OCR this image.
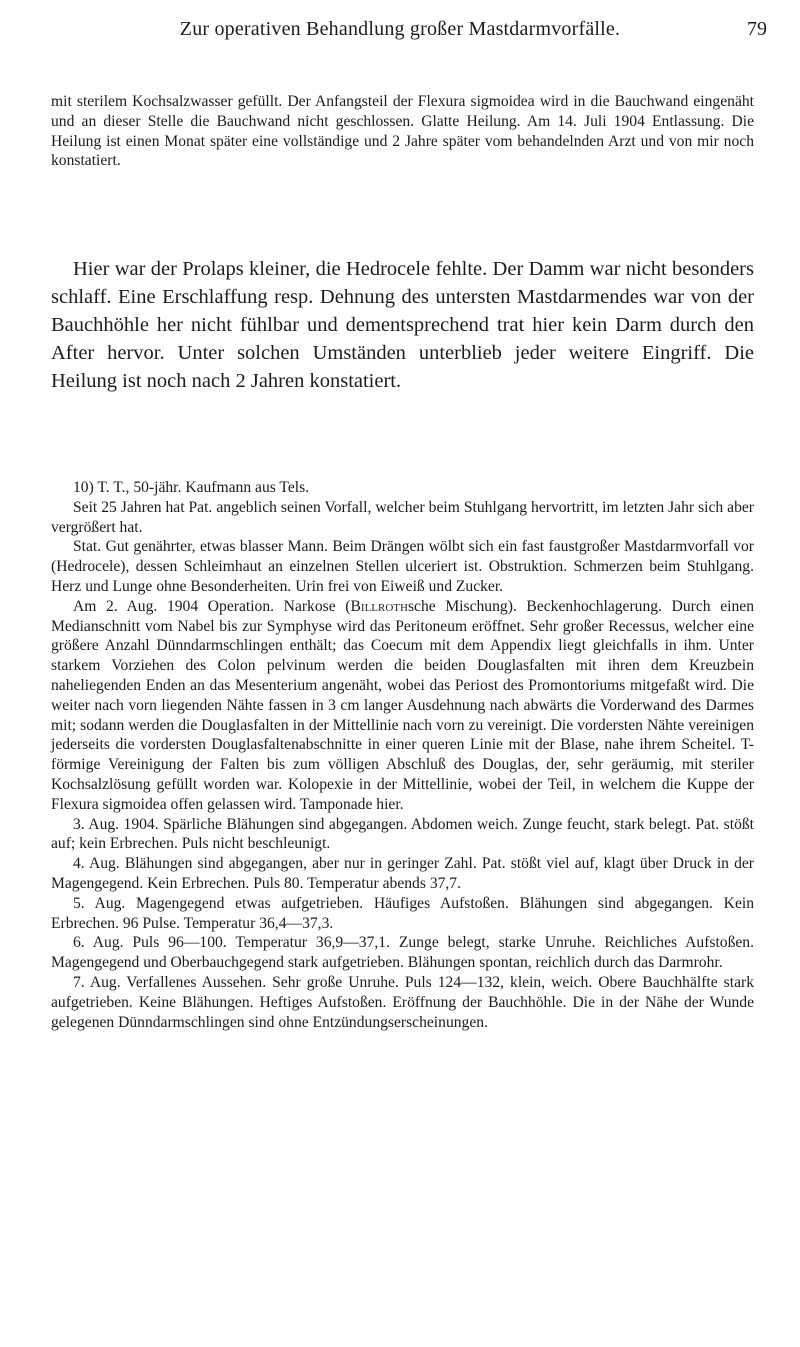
Zur operativen Behandlung großer Mastdarmvorfälle.	79

mit sterilem Kochsalzwasser gefüllt. Der Anfangsteil der Flexura sigmoidea wird in die Bauchwand eingenäht und an dieser Stelle die Bauchwand nicht geschlossen. Glatte Heilung. Am 14. Juli 1904 Entlassung. Die Heilung ist einen Monat später eine vollständige und 2 Jahre später vom behandelnden Arzt und von mir noch konstatiert.

Hier war der Prolaps kleiner, die Hedrocele fehlte. Der Damm war nicht besonders schlaff. Eine Erschlaffung resp. Dehnung des untersten Mastdarmendes war von der Bauchhöhle her nicht fühlbar und dementsprechend trat hier kein Darm durch den After hervor. Unter solchen Umständen unterblieb jeder weitere Eingriff. Die Heilung ist noch nach 2 Jahren konstatiert.

10) T. T., 50-jähr. Kaufmann aus Tels.

Seit 25 Jahren hat Pat. angeblich seinen Vorfall, welcher beim Stuhlgang hervortritt, im letzten Jahr sich aber vergrößert hat.

Stat. Gut genährter, etwas blasser Mann. Beim Drängen wölbt sich ein fast faustgroßer Mastdarmvorfall vor (Hedrocele), dessen Schleimhaut an einzelnen Stellen ulceriert ist. Obstruktion. Schmerzen beim Stuhlgang. Herz und Lunge ohne Besonderheiten. Urin frei von Eiweiß und Zucker.

Am 2. Aug. 1904 Operation. Narkose (Billrothsche Mischung). Beckenhochlagerung. Durch einen Medianschnitt vom Nabel bis zur Symphyse wird das Peritoneum eröffnet. Sehr großer Recessus, welcher eine größere Anzahl Dünndarmschlingen enthält; das Coecum mit dem Appendix liegt gleichfalls in ihm. Unter starkem Vorziehen des Colon pelvinum werden die beiden Douglasfalten mit ihren dem Kreuzbein naheliegenden Enden an das Mesenterium angenäht, wobei das Periost des Promontoriums mitgefaßt wird. Die weiter nach vorn liegenden Nähte fassen in 3 cm langer Ausdehnung nach abwärts die Vorderwand des Darmes mit; sodann werden die Douglasfalten in der Mittellinie nach vorn zu vereinigt. Die vordersten Nähte vereinigen jederseits die vordersten Douglasfaltenabschnitte in einer queren Linie mit der Blase, nahe ihrem Scheitel. T-förmige Vereinigung der Falten bis zum völligen Abschluß des Douglas, der, sehr geräumig, mit steriler Kochsalzlösung gefüllt worden war. Kolopexie in der Mittellinie, wobei der Teil, in welchem die Kuppe der Flexura sigmoidea offen gelassen wird. Tamponade hier.

3. Aug. 1904. Spärliche Blähungen sind abgegangen. Abdomen weich. Zunge feucht, stark belegt. Pat. stößt auf; kein Erbrechen. Puls nicht beschleunigt.

4. Aug. Blähungen sind abgegangen, aber nur in geringer Zahl. Pat. stößt viel auf, klagt über Druck in der Magengegend. Kein Erbrechen. Puls 80. Temperatur abends 37,7.

5. Aug. Magengegend etwas aufgetrieben. Häufiges Aufstoßen. Blähungen sind abgegangen. Kein Erbrechen. 96 Pulse. Temperatur 36,4—37,3.

6. Aug. Puls 96—100. Temperatur 36,9—37,1. Zunge belegt, starke Unruhe. Reichliches Aufstoßen. Magengegend und Oberbauchgegend stark aufgetrieben. Blähungen spontan, reichlich durch das Darmrohr.

7. Aug. Verfallenes Aussehen. Sehr große Unruhe. Puls 124—132, klein, weich. Obere Bauchhälfte stark aufgetrieben. Keine Blähungen. Heftiges Aufstoßen. Eröffnung der Bauchhöhle. Die in der Nähe der Wunde gelegenen Dünndarmschlingen sind ohne Entzündungserscheinungen.
